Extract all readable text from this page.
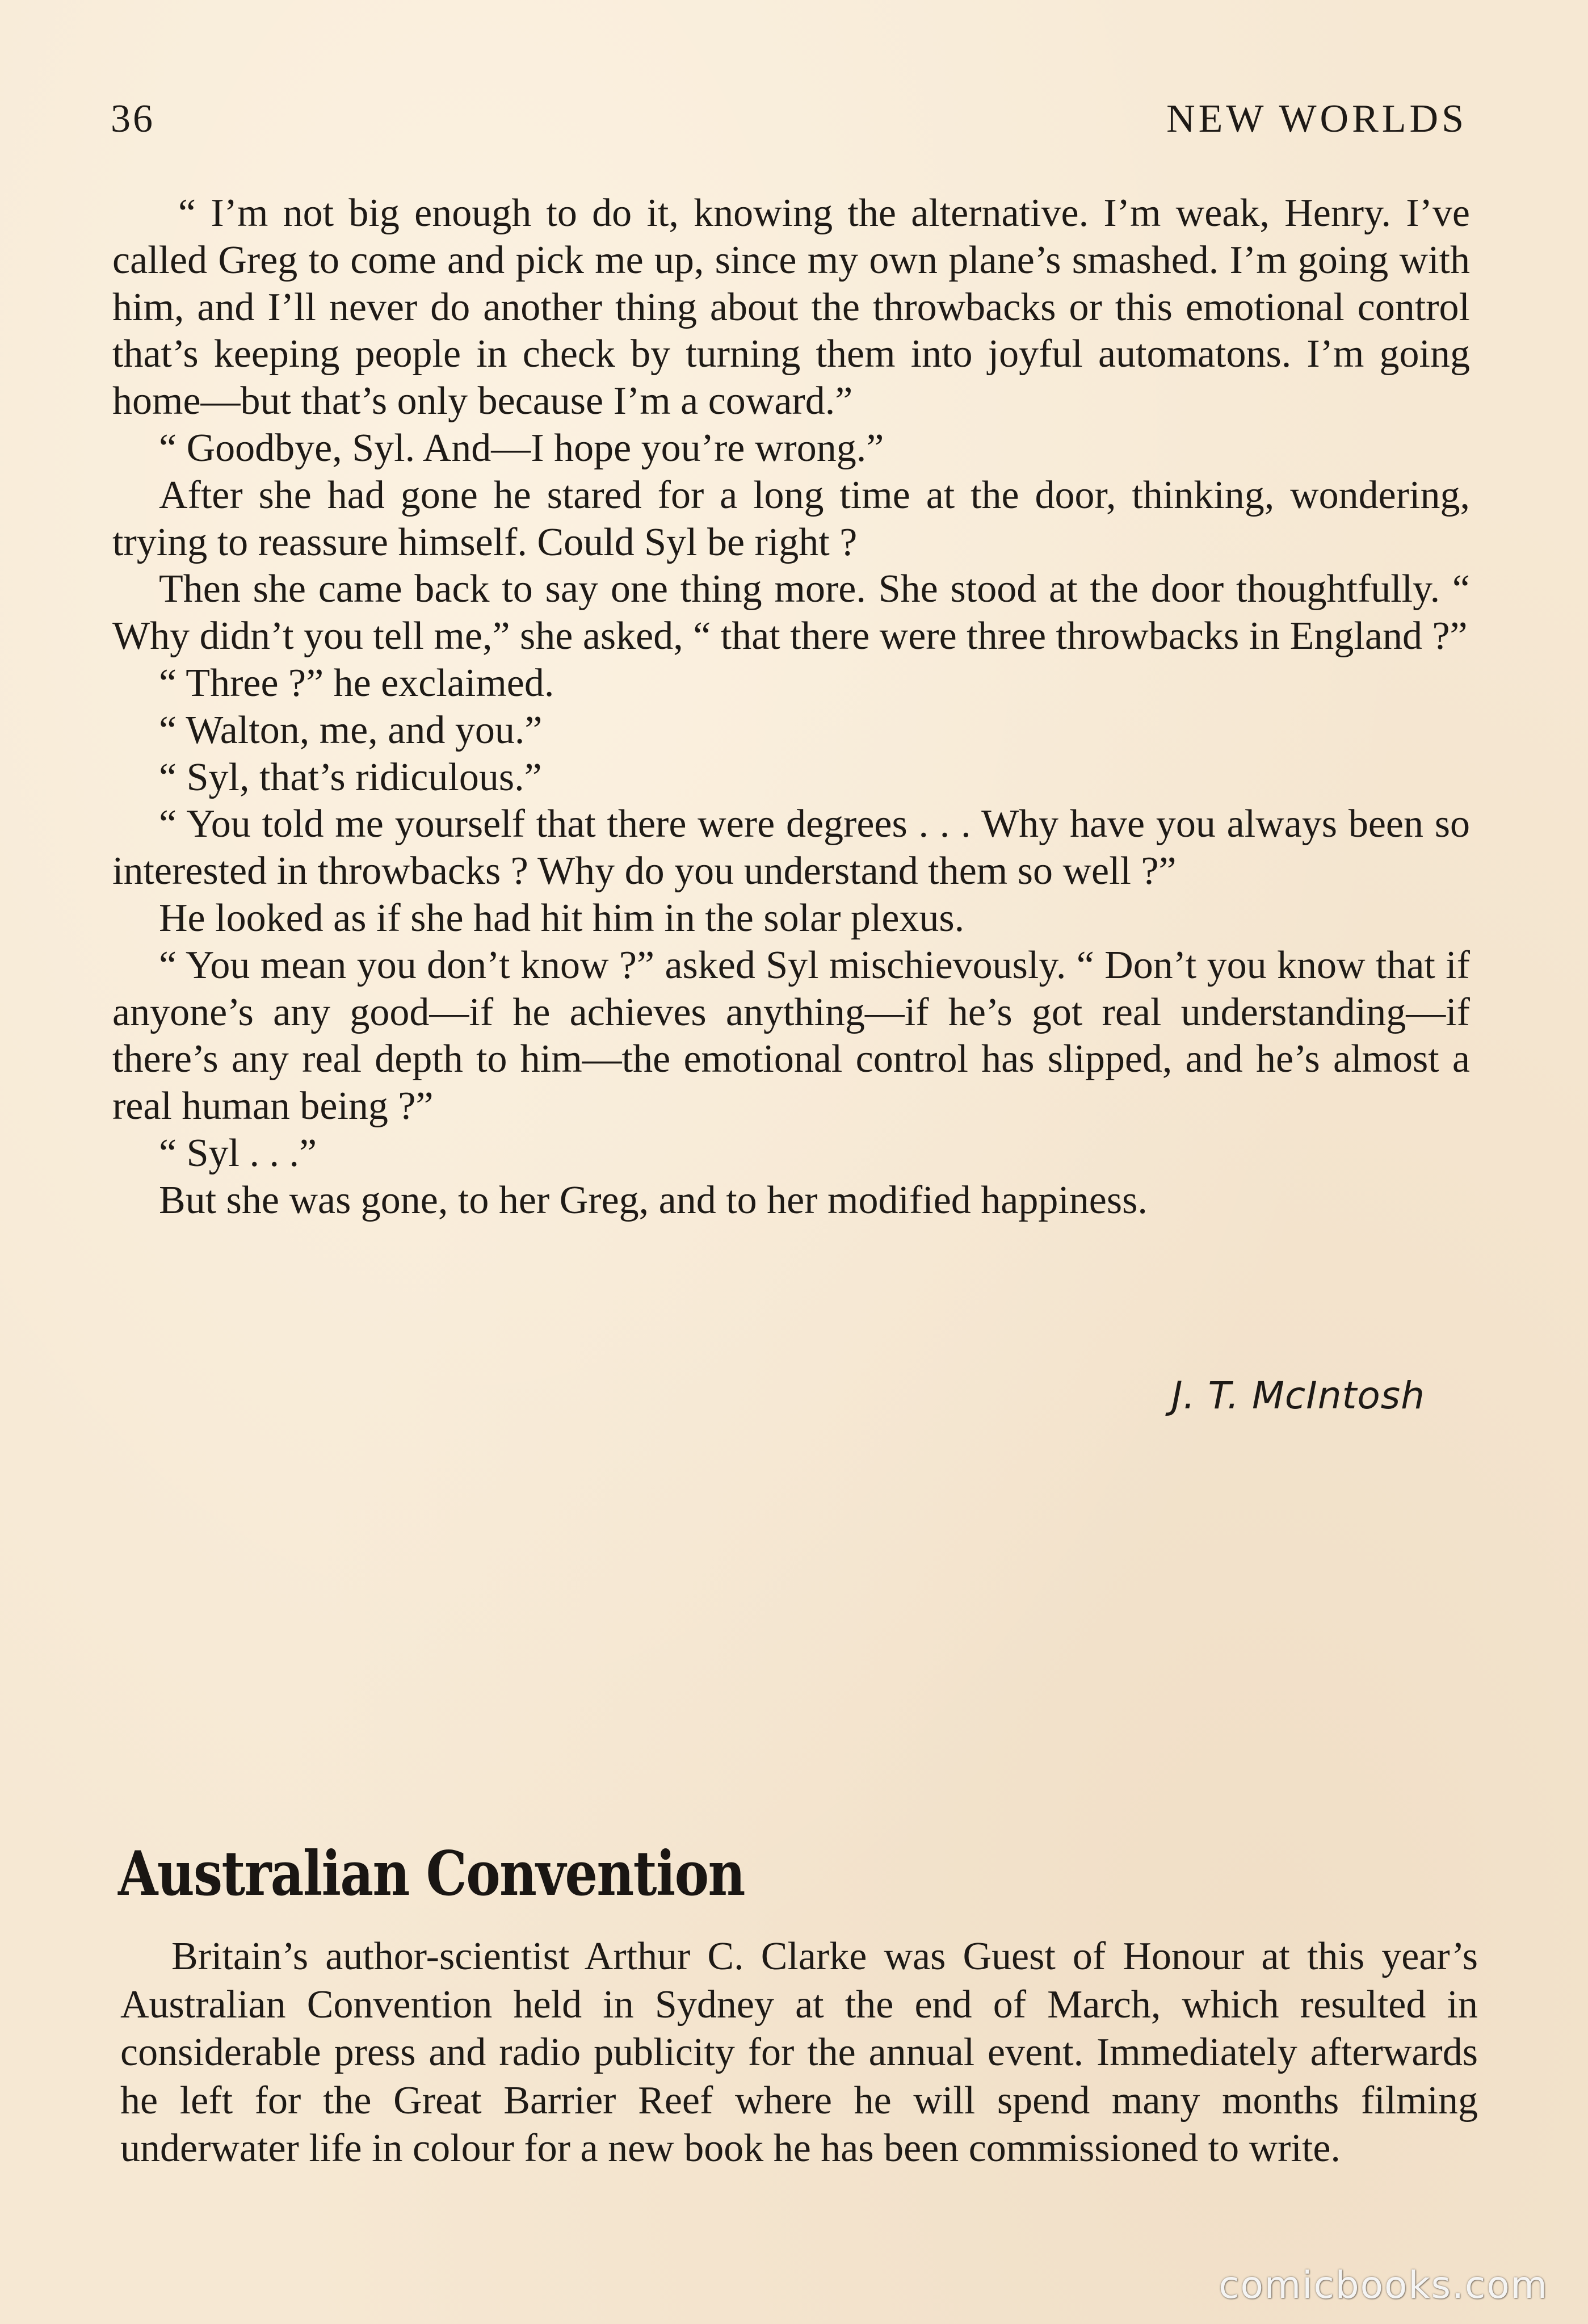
36	NEW WORLDS

“ I’m not big enough to do it, knowing the alternative. I’m weak, Henry. I’ve called Greg to come and pick me up, since my own plane’s smashed. I’m going with him, and I’ll never do another thing about the throwbacks or this emotional control that’s keeping people in check by turning them into joyful automatons. I’m going home—but that’s only because I’m a coward.”

“ Goodbye, Syl. And—I hope you’re wrong.”

After she had gone he stared for a long time at the door, thinking, wondering, trying to reassure himself. Could Syl be right ?

Then she came back to say one thing more. She stood at the door thoughtfully. “ Why didn’t you tell me,” she asked, “ that there were three throwbacks in England ?”

“ Three ?” he exclaimed.

“ Walton, me, and you.”

“ Syl, that’s ridiculous.”

“ You told me yourself that there were degrees . . . Why have you always been so interested in throwbacks ? Why do you understand them so well ?”

He looked as if she had hit him in the solar plexus.

“ You mean you don’t know ?” asked Syl mischievously. “ Don’t you know that if anyone’s any good—if he achieves anything—if he’s got real understanding—if there’s any real depth to him—the emotional control has slipped, and he’s almost a real human being ?”

“ Syl . . .”

But she was gone, to her Greg, and to her modified happiness.

J. T. McIntosh
Australian Convention

Britain’s author-scientist Arthur C. Clarke was Guest of Honour at this year’s Australian Convention held in Sydney at the end of March, which resulted in considerable press and radio publicity for the annual event. Immediately afterwards he left for the Great Barrier Reef where he will spend many months filming underwater life in colour for a new book he has been commissioned to write.

comicbooks.com
